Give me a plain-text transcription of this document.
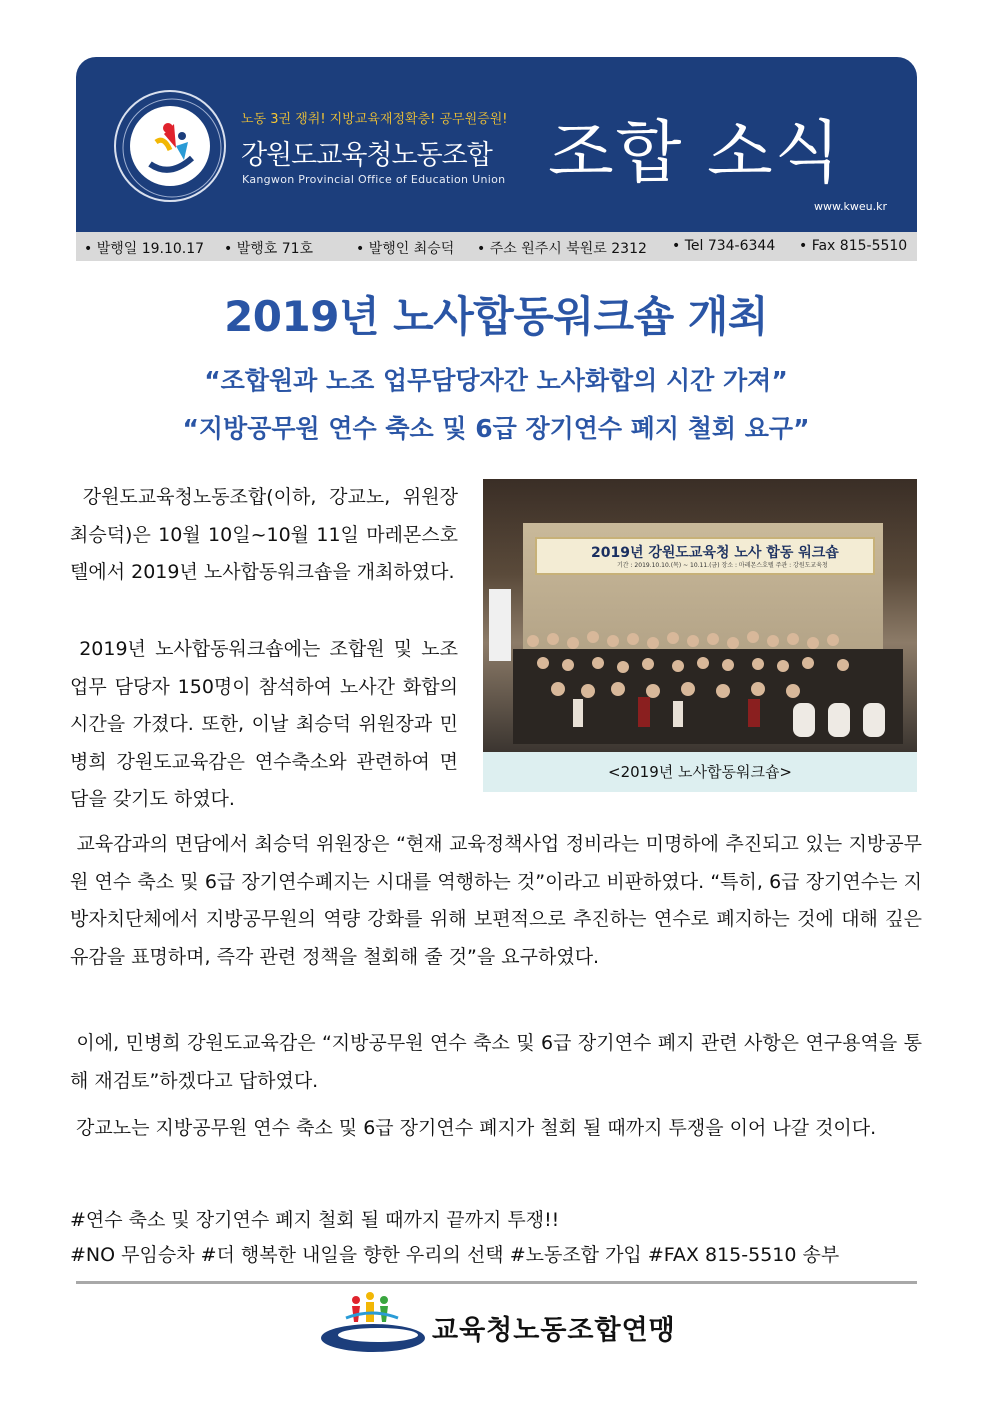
노동 3권 쟁취! 지방교육재정확충! 공무원증원!
강원도교육청노동조합
Kangwon Provincial Office of Education Union 조합 소식
www.kweu.kr
• 발행일 19.10.17 • 발행호 71호	• 발행인 최승덕 • 주소 원주시 북원로 2312 • Tel 734-6344 • Fax 815-5510
2019년 노사합동워크숍 개최
“조합원과 노조 업무담당자간 노사화합의 시간 가져”
“지방공무원 연수 축소 및 6급 장기연수 폐지 철회 요구”
강원도교육청노동조합(이하, 강교노, 위원장 최승덕)은 10월 10일~10월 11일 마레몬스호텔에서 2019년 노사합동워크숍을 개최하였다.
2019년 노사합동워크숍에는 조합원 및 노조 업무 담당자 150명이 참석하여 노사간 화합의 시간을 가졌다. 또한, 이날 최승덕 위원장과 민병희 강원도교육감은 연수축소와 관련하여 면담을 갖기도 하였다.
2019년 강원도교육청 노사 합동 워크숍
기간 : 2019.10.10.(목) ~ 10.11.(금) 장소 : 마레몬스호텔 주관 : 강원도교육청
<2019년 노사합동워크숍>
교육감과의 면담에서 최승덕 위원장은 “현재 교육정책사업 정비라는 미명하에 추진되고 있는 지방공무원 연수 축소 및 6급 장기연수폐지는 시대를 역행하는 것”이라고 비판하였다. “특히, 6급 장기연수는 지방자치단체에서 지방공무원의 역량 강화를 위해 보편적으로 추진하는 연수로 폐지하는 것에 대해 깊은 유감을 표명하며, 즉각 관련 정책을 철회해 줄 것”을 요구하였다.
이에, 민병희 강원도교육감은 “지방공무원 연수 축소 및 6급 장기연수 폐지 관련 사항은 연구용역을 통해 재검토”하겠다고 답하였다.
강교노는 지방공무원 연수 축소 및 6급 장기연수 폐지가 철회 될 때까지 투쟁을 이어 나갈 것이다.
#연수 축소 및 장기연수 폐지 철회 될 때까지 끝까지 투쟁!!
#NO 무임승차 #더 행복한 내일을 향한 우리의 선택 #노동조합 가입 #FAX 815-5510 송부
교육청노동조합연맹
